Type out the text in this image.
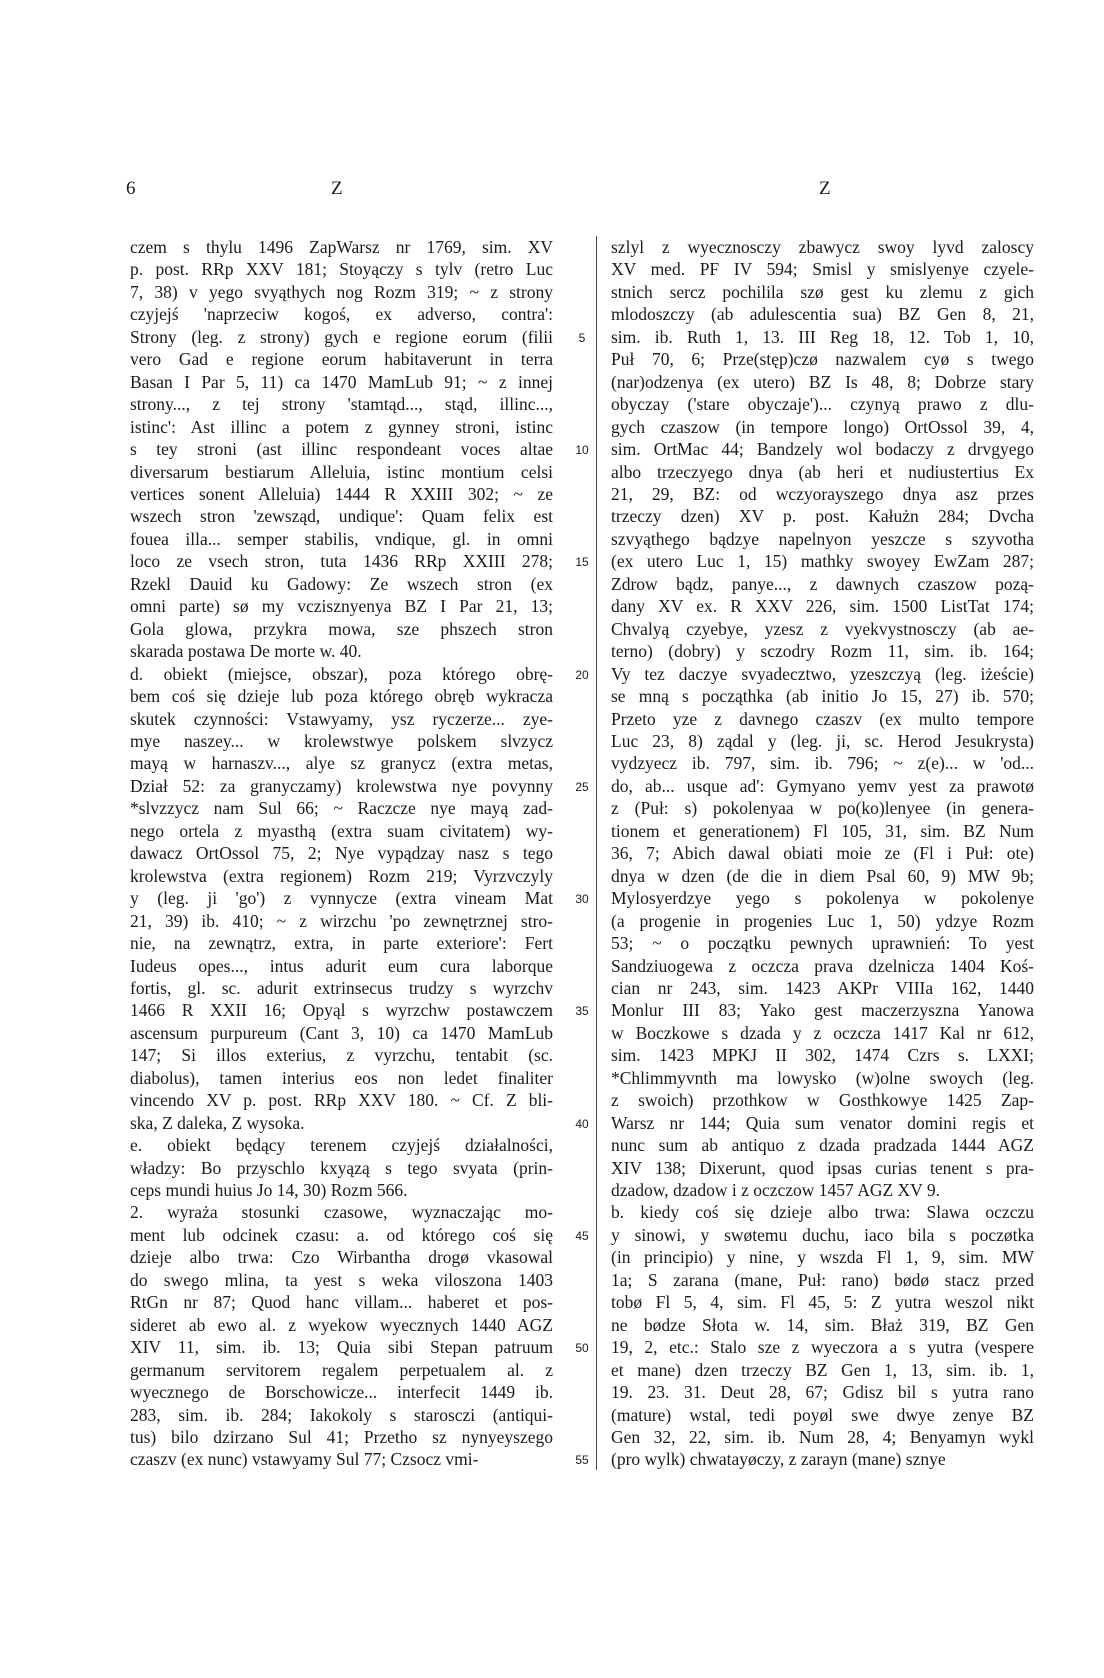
6	Z	Z
czem s thylu 1496 ZapWarsz nr 1769, sim. XV
p. post. RRp XXV 181; Stoyączy s tylv (retro Luc
7, 38) v yego svyąthych nog Rozm 319; ~ z strony
czyjejś 'naprzeciw kogoś, ex adverso, contra':
Strony (leg. z strony) gych e regione eorum (filii
vero Gad e regione eorum habitaverunt in terra
Basan I Par 5, 11) ca 1470 MamLub 91; ~ z innej
strony..., z tej strony 'stamtąd..., stąd, illinc...,
istinc': Ast illinc a potem z gynney stroni, istinc
s tey stroni (ast illinc respondeant voces altae
diversarum bestiarum Alleluia, istinc montium celsi
vertices sonent Alleluia) 1444 R XXIII 302; ~ ze
wszech stron 'zewsząd, undique': Quam felix est
fouea illa... semper stabilis, vndique, gl. in omni
loco ze vsech stron, tuta 1436 RRp XXIII 278;
Rzekl Dauid ku Gadowy: Ze wszech stron (ex
omni parte) sø my vczisznyenya BZ I Par 21, 13;
Gola glowa, przykra mowa, sze phszech stron
skarada postawa De morte w. 40.
d. obiekt (miejsce, obszar), poza którego obrę-
bem coś się dzieje lub poza którego obręb wykracza
skutek czynności: Vstawyamy, ysz ryczerze... zye-
mye naszey... w krolewstwye polskem slvzycz
mayą w harnaszv..., alye sz granycz (extra metas,
Dział 52: za granyczamy) krolewstwa nye povynny
*slvzzycz nam Sul 66; ~ Raczcze nye mayą zad-
nego ortela z myasthą (extra suam civitatem) wy-
dawacz OrtOssol 75, 2; Nye vypądzay nasz s tego
krolewstva (extra regionem) Rozm 219; Vyrzvczyly
y (leg. ji 'go') z vynnycze (extra vineam Mat
21, 39) ib. 410; ~ z wirzchu 'po zewnętrznej stro-
nie, na zewnątrz, extra, in parte exteriore': Fert
Iudeus opes..., intus adurit eum cura laborque
fortis, gl. sc. adurit extrinsecus trudzy s wyrzchv
1466 R XXII 16; Opyąl s wyrzchw postawczem
ascensum purpureum (Cant 3, 10) ca 1470 MamLub
147; Si illos exterius, z vyrzchu, tentabit (sc.
diabolus), tamen interius eos non ledet finaliter
vincendo XV p. post. RRp XXV 180. ~ Cf. Z bli-
ska, Z daleka, Z wysoka.
e. obiekt będący terenem czyjejś działalności,
władzy: Bo przyschlo kxyązą s tego svyata (prin-
ceps mundi huius Jo 14, 30) Rozm 566.
2. wyraża stosunki czasowe, wyznaczając mo-
ment lub odcinek czasu: a. od którego coś się
dzieje albo trwa: Czo Wirbantha drogø vkasowal
do swego mlina, ta yest s weka viloszona 1403
RtGn nr 87; Quod hanc villam... haberet et pos-
sideret ab ewo al. z wyekow wyecznych 1440 AGZ
XIV 11, sim. ib. 13; Quia sibi Stepan patruum
germanum servitorem regalem perpetualem al. z
wyecznego de Borschowicze... interfecit 1449 ib.
283, sim. ib. 284; Iakokoly s starosczi (antiqui-
tus) bilo dzirzano Sul 41; Przetho sz nynyeyszego
czaszv (ex nunc) vstawyamy Sul 77; Czsocz vmi-
5
10
15
20
25
30
35
40
45
50
55
szlyl z wyecznosczy zbawycz swoy lyvd zaloscy
XV med. PF IV 594; Smisl y smislyenye czyele-
stnich sercz pochilila szø gest ku zlemu z gich
mlodoszczy (ab adulescentia sua) BZ Gen 8, 21,
sim. ib. Ruth 1, 13. III Reg 18, 12. Tob 1, 10,
Puł 70, 6; Prze(stęp)czø nazwalem cyø s twego
(nar)odzenya (ex utero) BZ Is 48, 8; Dobrze stary
obyczay ('stare obyczaje')... czynyą prawo z dlu-
gych czaszow (in tempore longo) OrtOssol 39, 4,
sim. OrtMac 44; Bandzely wol bodaczy z drvgyego
albo trzeczyego dnya (ab heri et nudiustertius Ex
21, 29, BZ: od wczyorayszego dnya asz przes
trzeczy dzen) XV p. post. Kałużn 284; Dvcha
szvyąthego bądzye napelnyon yeszcze s szyvotha
(ex utero Luc 1, 15) mathky swoyey EwZam 287;
Zdrow bądz, panye..., z dawnych czaszow pozą-
dany XV ex. R XXV 226, sim. 1500 ListTat 174;
Chvalyą czyebye, yzesz z vyekvystnosczy (ab ae-
terno) (dobry) y sczodry Rozm 11, sim. ib. 164;
Vy tez daczye svyadecztwo, yzeszczyą (leg. iżeście)
se mną s począthka (ab initio Jo 15, 27) ib. 570;
Przeto yze z davnego czaszv (ex multo tempore
Luc 23, 8) ządal y (leg. ji, sc. Herod Jesukrysta)
vydzyecz ib. 797, sim. ib. 796; ~ z(e)... w 'od...
do, ab... usque ad': Gymyano yemv yest za prawotø
z (Puł: s) pokolenyaa w po(ko)lenyee (in genera-
tionem et generationem) Fl 105, 31, sim. BZ Num
36, 7; Abich dawal obiati moie ze (Fl i Puł: ote)
dnya w dzen (de die in diem Psal 60, 9) MW 9b;
Mylosyerdzye yego s pokolenya w pokolenye
(a progenie in progenies Luc 1, 50) ydzye Rozm
53; ~ o początku pewnych uprawnień: To yest
Sandziuogewa z oczcza prava dzelnicza 1404 Koś-
cian nr 243, sim. 1423 AKPr VIIIa 162, 1440
Monlur III 83; Yako gest maczerzyszna Yanowa
w Boczkowe s dzada y z oczcza 1417 Kal nr 612,
sim. 1423 MPKJ II 302, 1474 Czrs s. LXXI;
*Chlimmyvnth ma lowysko (w)olne swoych (leg.
z swoich) przothkow w Gosthkowye 1425 Zap-
Warsz nr 144; Quia sum venator domini regis et
nunc sum ab antiquo z dzada pradzada 1444 AGZ
XIV 138; Dixerunt, quod ipsas curias tenent s pra-
dzadow, dzadow i z oczczow 1457 AGZ XV 9.
b. kiedy coś się dzieje albo trwa: Slawa oczczu
y sinowi, y swøtemu duchu, iaco bila s poczøtka
(in principio) y nine, y wszda Fl 1, 9, sim. MW
1a; S zarana (mane, Puł: rano) bødø stacz przed
tobø Fl 5, 4, sim. Fl 45, 5: Z yutra weszol nikt
ne bødze Słota w. 14, sim. Błaż 319, BZ Gen
19, 2, etc.: Stalo sze z wyeczora a s yutra (vespere
et mane) dzen trzeczy BZ Gen 1, 13, sim. ib. 1,
19. 23. 31. Deut 28, 67; Gdisz bil s yutra rano
(mature) wstal, tedi poyøl swe dwye zenye BZ
Gen 32, 22, sim. ib. Num 28, 4; Benyamyn wykl
(pro wylk) chwatayøczy, z zarayn (mane) sznye
